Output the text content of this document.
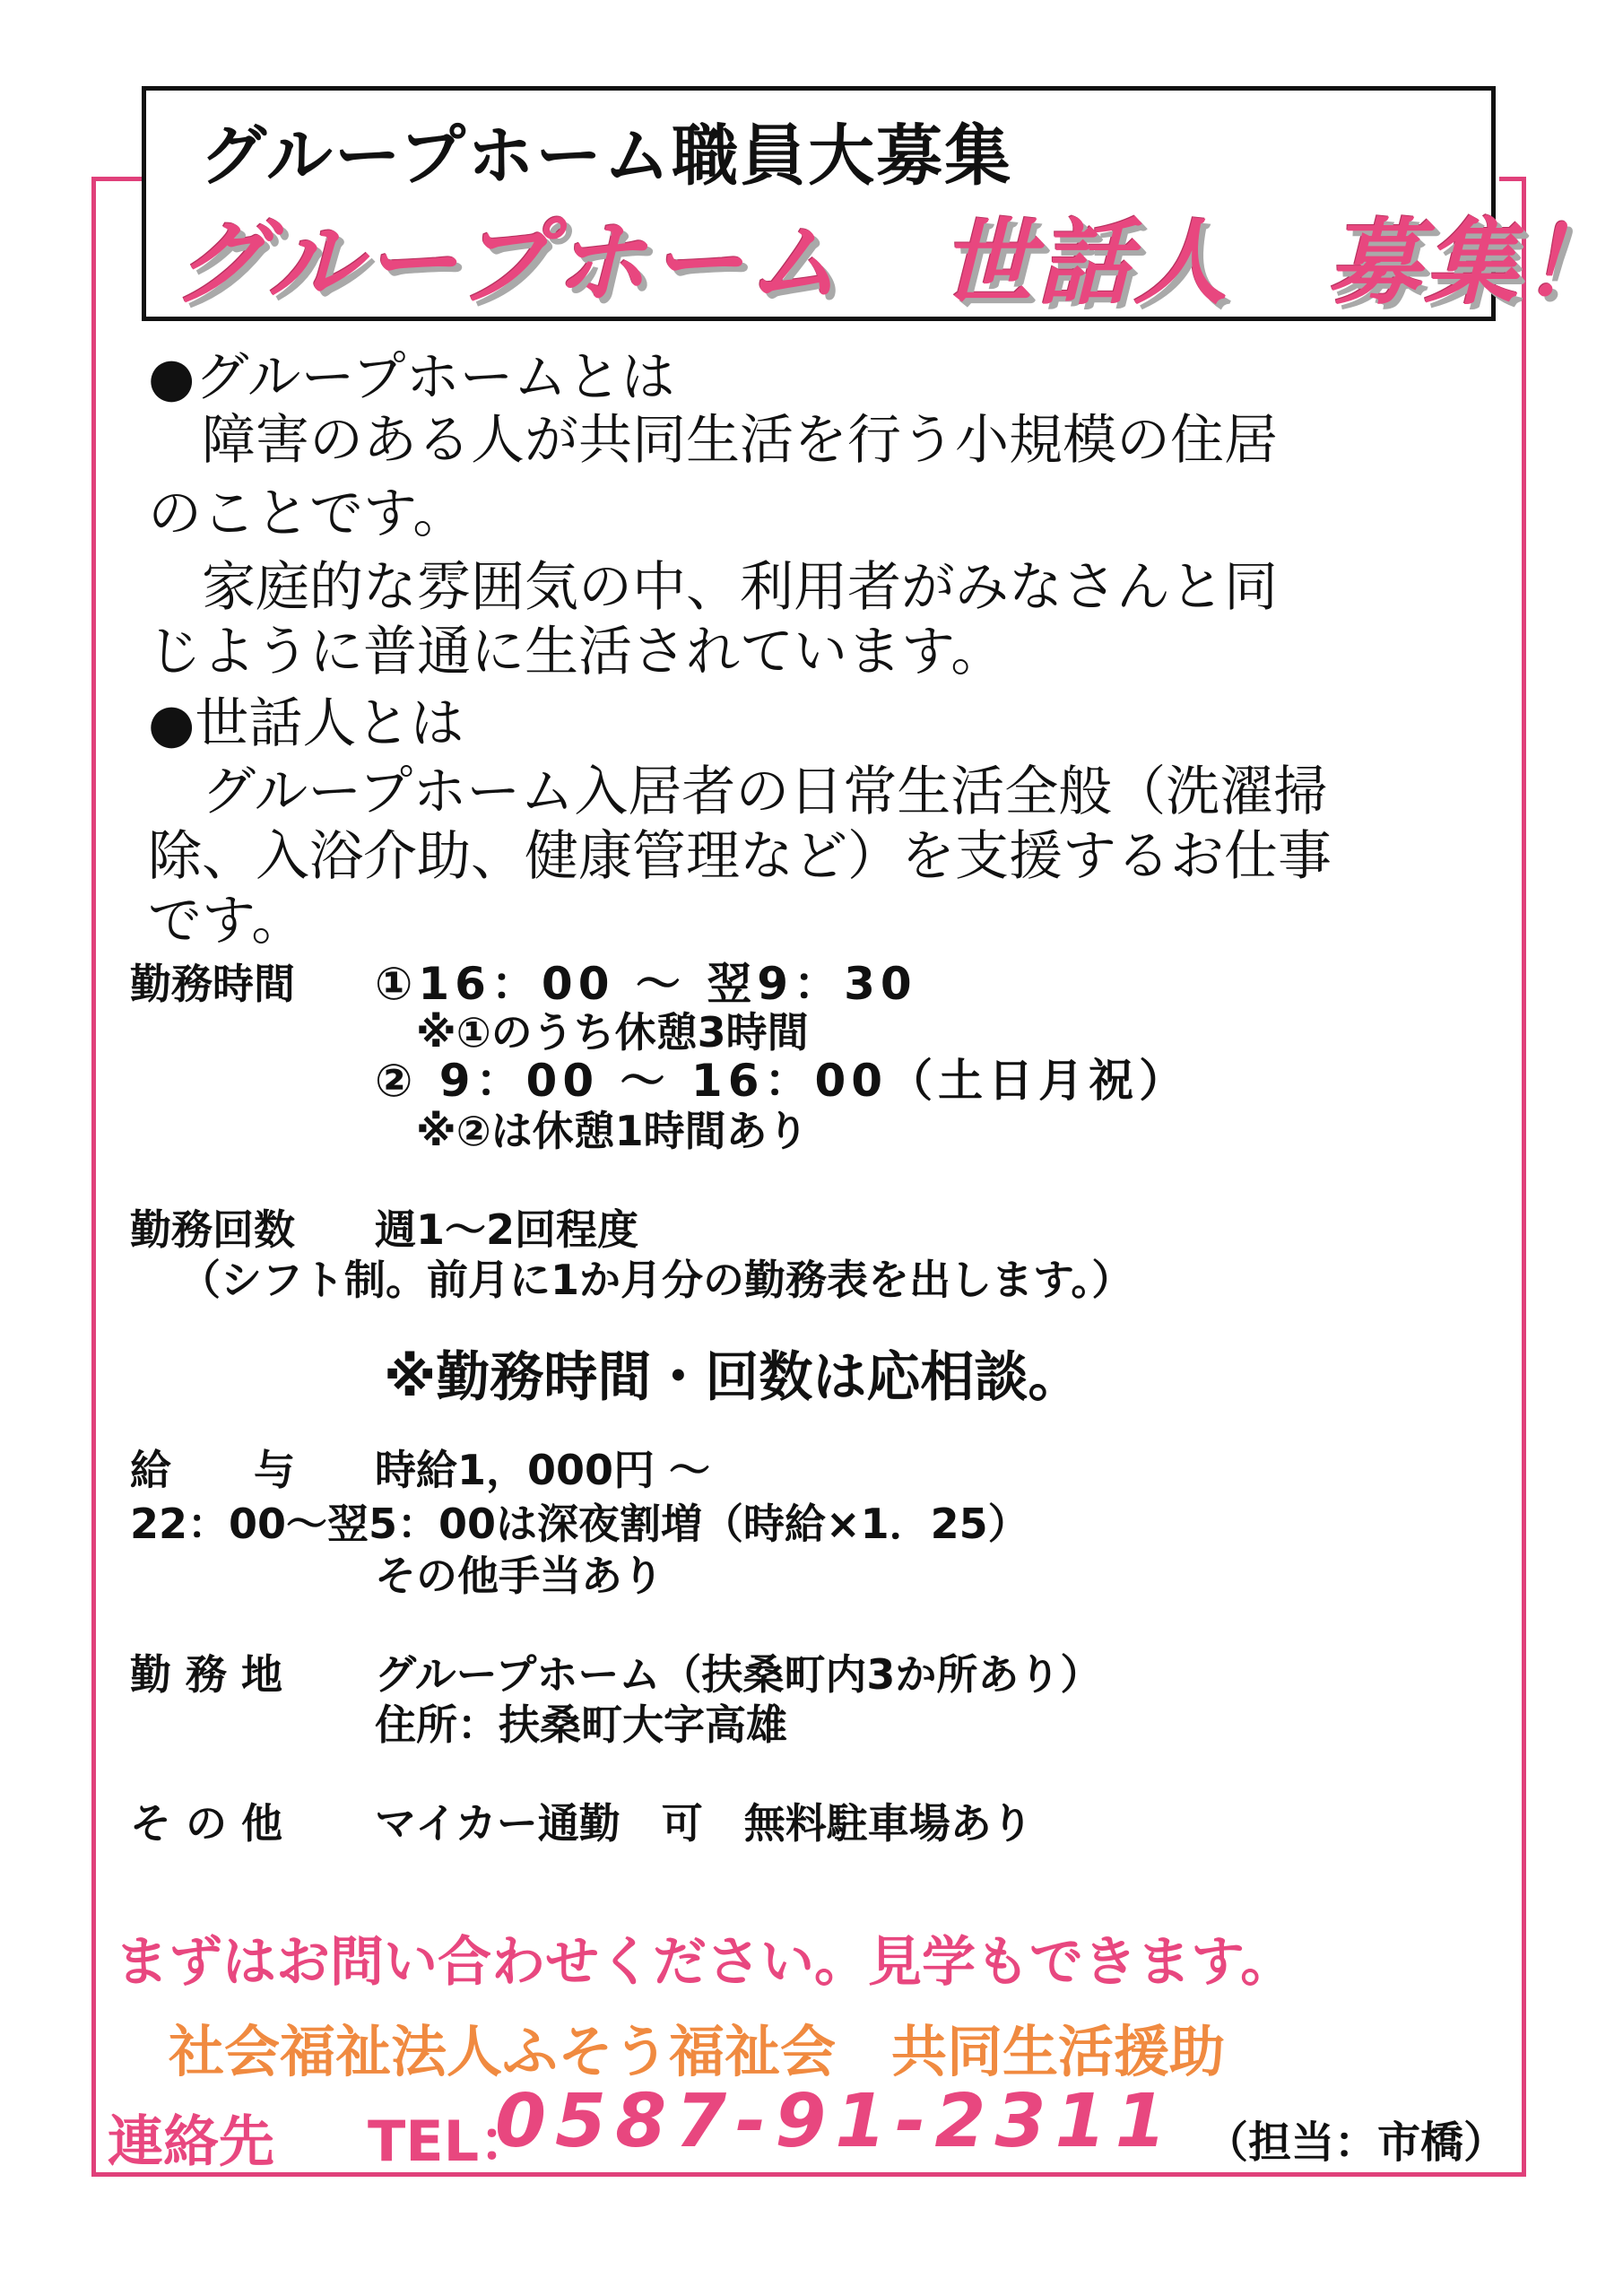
グループホーム職員大募集
グループホーム　世話人　募集！
●グループホームとは
　障害のある人が共同生活を行う小規模の住居
のことです。
　家庭的な雰囲気の中、利用者がみなさんと同
じように普通に生活されています。
●世話人とは
　グループホーム入居者の日常生活全般（洗濯掃
除、入浴介助、健康管理など）を支援するお仕事
です。
勤務時間 ①16：00 ～ 翌9：30
　※①のうち休憩3時間
② 9：00 ～ 16：00（土日月祝）
　※②は休憩1時間あり
勤務回数 週1～2回程度
（シフト制。前月に1か月分の勤務表を出します。）
※勤務時間・回数は応相談。
給　　与 時給1，000円 ～
22：00～翌5：00は深夜割増（時給×1．25）
その他手当あり
勤 務 地 グループホーム（扶桑町内3か所あり）
住所：扶桑町大字高雄
そ の 他 マイカー通勤　可　無料駐車場あり
まずはお問い合わせください。見学もできます。
社会福祉法人ふそう福祉会　共同生活援助
連絡先 TEL：
0587-91-2311 （担当：市橋）
